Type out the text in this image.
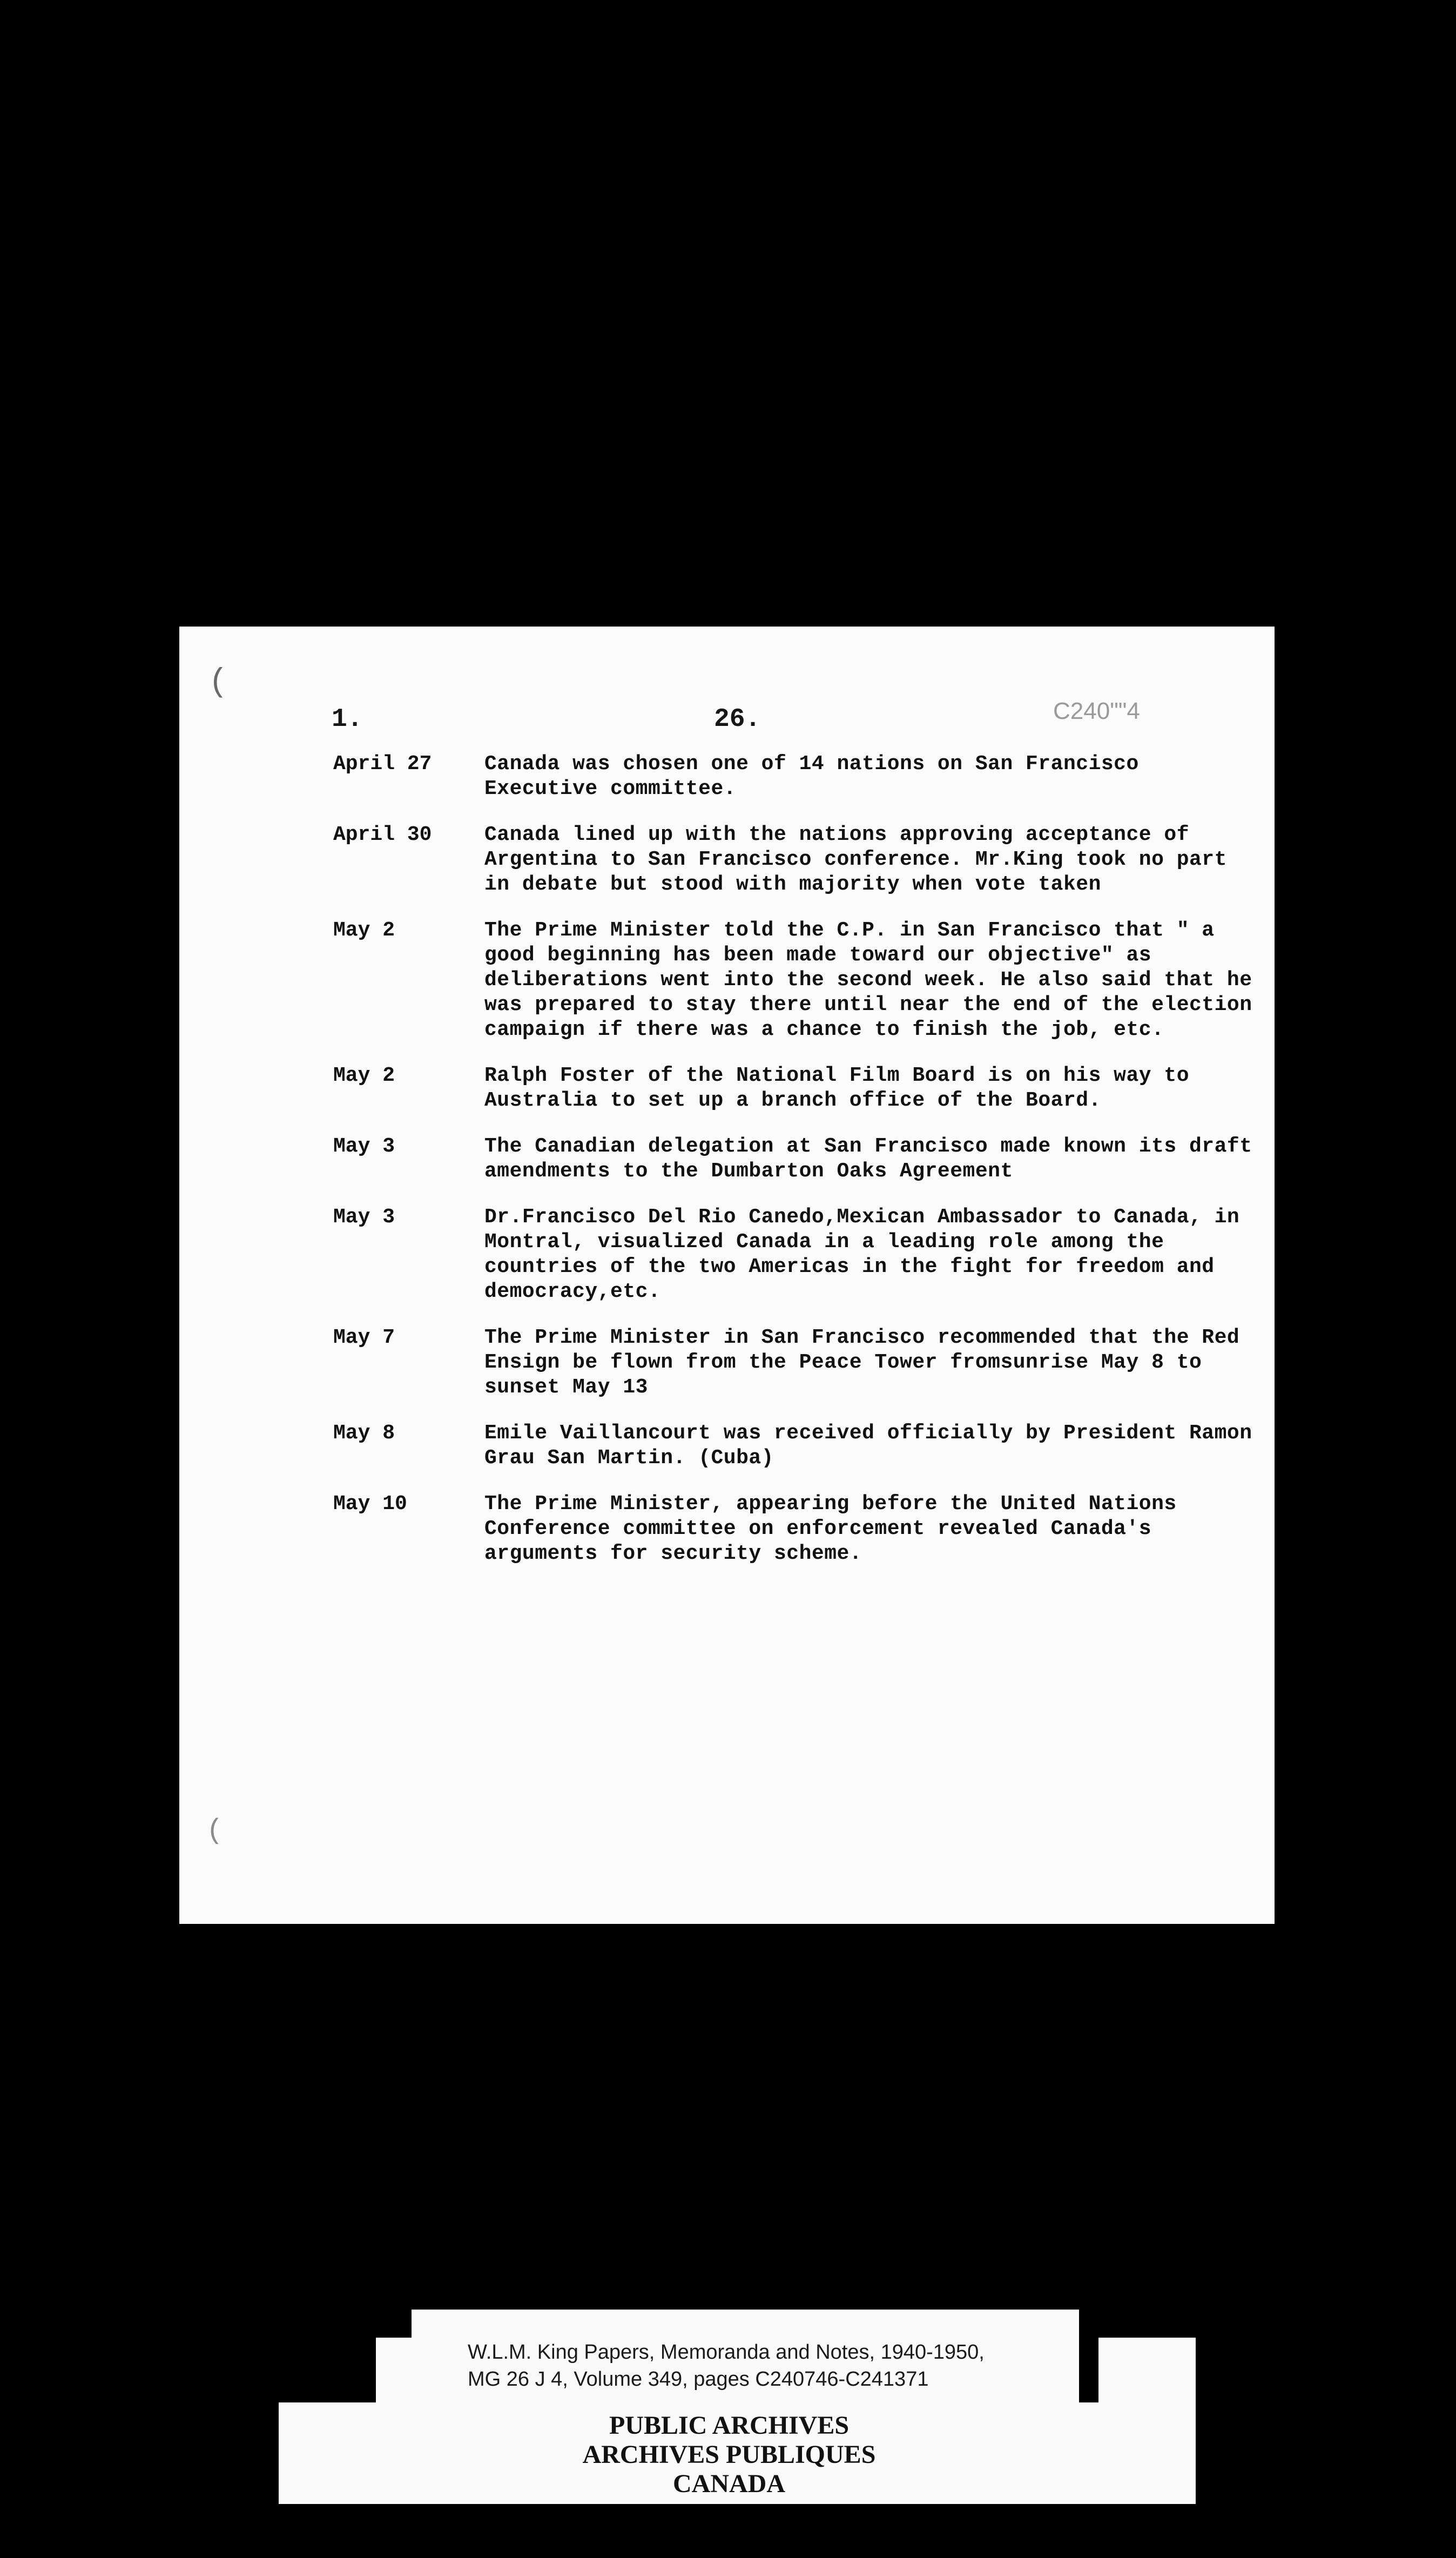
(
(
1.	26.	C240""4
April 27	Canada was chosen one of 14 nations on San Francisco Executive committee.
April 30	Canada lined up with the nations approving acceptance of Argentina to San Francisco conference. Mr.King took no part in debate but stood with majority when vote taken
May 2	The Prime Minister told the C.P. in San Francisco that " a good beginning has been made toward our objective" as deliberations went into the second week. He also said that he was prepared to stay there until near the end of the election campaign if there was a chance to finish the job, etc.
May 2	Ralph Foster of the National Film Board is on his way to Australia to set up a branch office of the Board.
May 3	The Canadian delegation at San Francisco made known its draft amendments to the Dumbarton Oaks Agreement
May 3	Dr.Francisco Del Rio Canedo,Mexican Ambassador to Canada, in Montral, visualized Canada in a leading role among the countries of the two Americas in the fight for freedom and democracy,etc.
May 7	The Prime Minister in San Francisco recommended that the Red Ensign be flown from the Peace Tower fromsunrise May 8 to sunset May 13
May 8	Emile Vaillancourt was received officially by President Ramon Grau San Martin. (Cuba)
May 10	The Prime Minister, appearing before the United Nations Conference committee on enforcement revealed Canada's arguments for security scheme.
W.L.M. King Papers, Memoranda and Notes, 1940-1950,
MG 26 J 4, Volume 349, pages C240746-C241371
PUBLIC ARCHIVES
ARCHIVES PUBLIQUES
CANADA
